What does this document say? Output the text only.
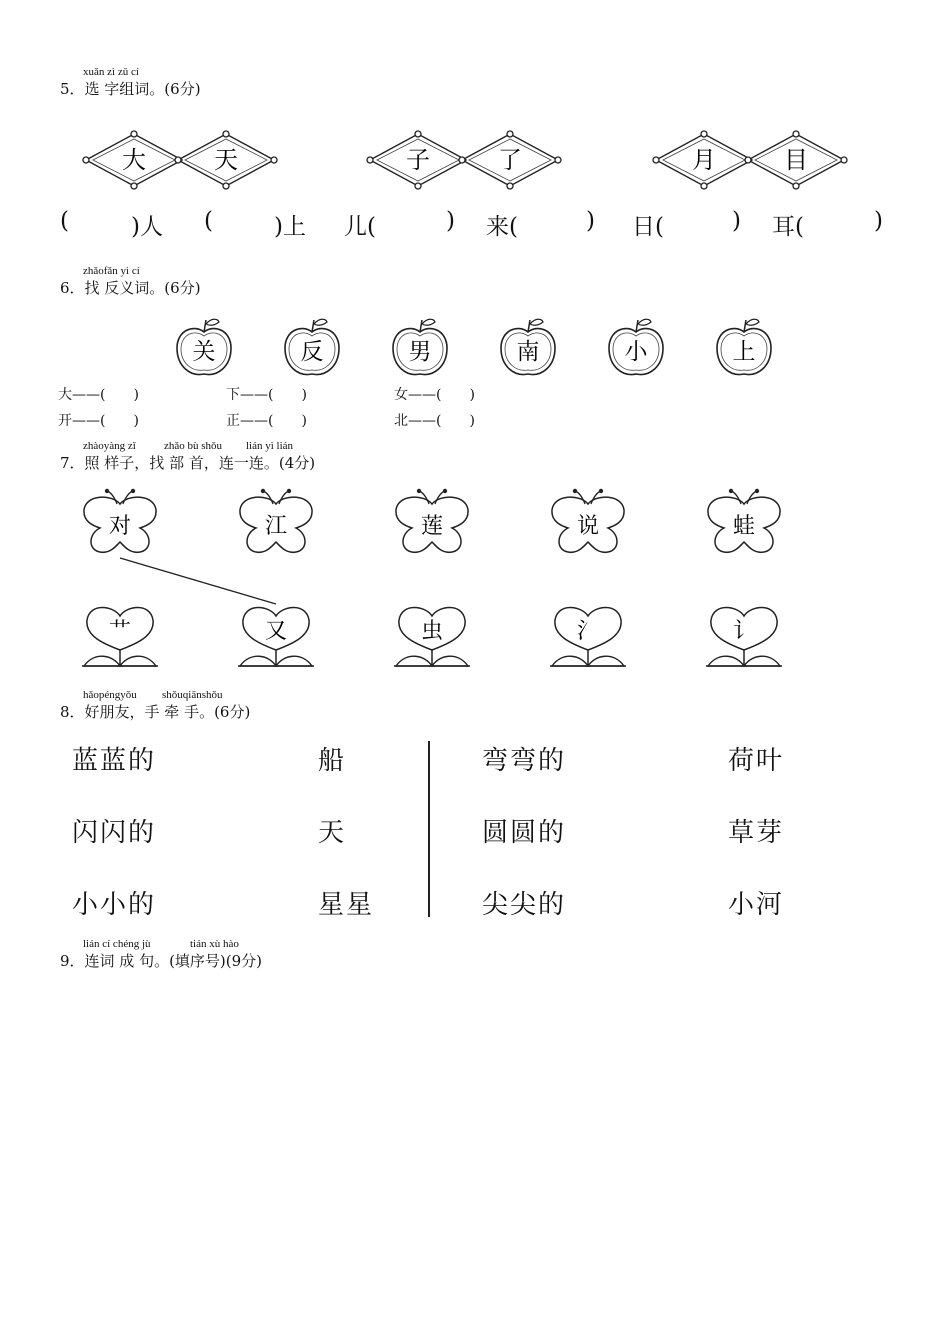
xuǎn zì zǔ cí
5．选 字组词。(6分)
大	天	子	了	月	目
(	)人 (	)上 儿(	) 来(	) 日(	) 耳(	)
zhǎofǎn yì cí
6．找 反义词。(6分)
关	反	男	南	小	上
大——(　　)	下——(　　)	女——(　　)
开——(　　)	正——(　　)	北——(　　)
zhàoyàng zǐ	zhǎo bù shǒu lián yì lián
7．照 样子，找 部 首，连一连。(4分)
对	江	莲	说	蛙
艹	又	虫	氵	讠
hǎopéngyǒu shǒuqiānshǒu
8．好朋友，手 牵 手。(6分)
蓝蓝的	船
闪闪的	天
小小的	星星
弯弯的	荷叶
圆圆的	草芽
尖尖的	小河
lián cí chéng jù	tián xù hào
9．连词 成 句。(填序号)(9分)
